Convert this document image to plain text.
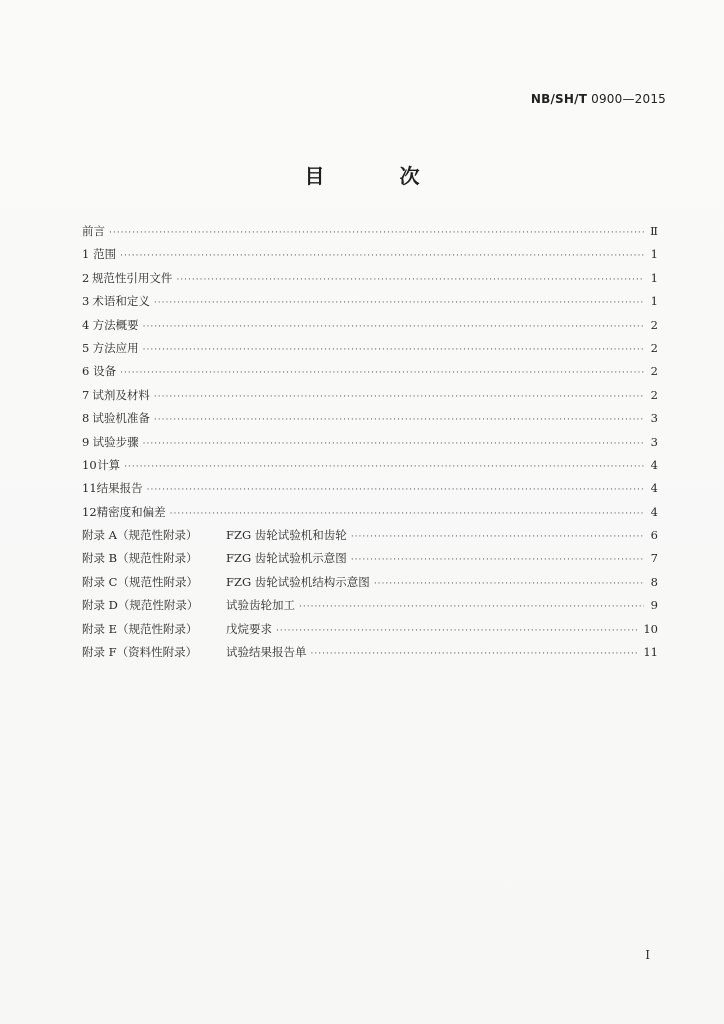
NB/SH/T 0900—2015
目 次
前言 ·····	Ⅱ
1 范围 ·····	1
2 规范性引用文件 ·····	1
3 术语和定义 ·····	1
4 方法概要 ·····	2
5 方法应用 ·····	2
6 设备 ·····	2
7 试剂及材料 ·····	2
8 试验机准备 ·····	3
9 试验步骤 ·····	3
10 计算 ·····	4
11 结果报告 ·····	4
12 精密度和偏差 ·····	4
附录 A（规范性附录）	FZG 齿轮试验机和齿轮 ·····	6
附录 B（规范性附录）	FZG 齿轮试验机示意图 ·····	7
附录 C（规范性附录）	FZG 齿轮试验机结构示意图 ·····	8
附录 D（规范性附录）	试验齿轮加工 ·····	9
附录 E（规范性附录）	戊烷要求 ·····	10
附录 F（资料性附录）	试验结果报告单 ·····	11
I
